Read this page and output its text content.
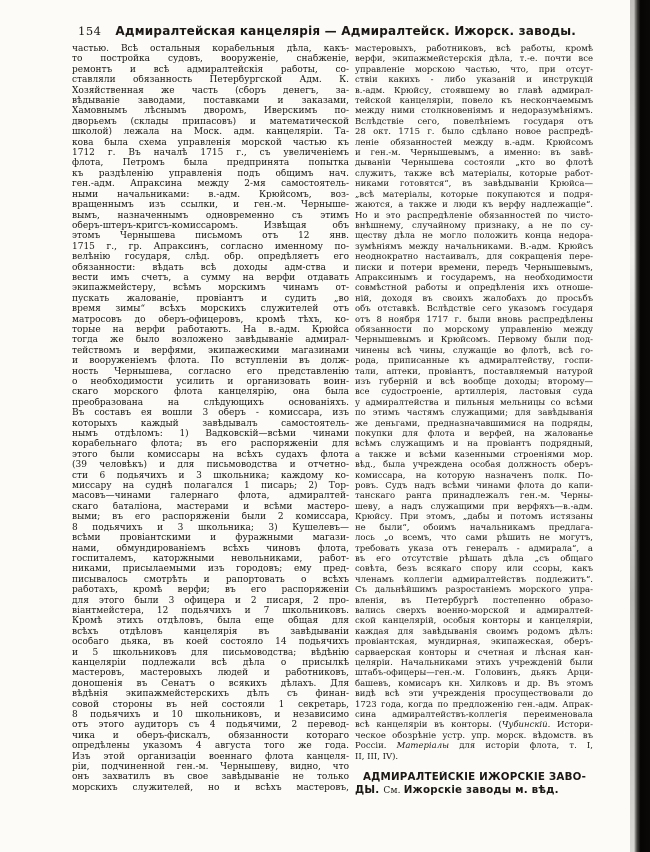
154	Адмиралтейская канцелярія — Адмиралтейск. Ижорск. заводы.
частью. Всѣ остальныя корабельныя дѣла, какъ-
то постройка судовъ, вооруженіе, снабженіе,
ремонтъ и всѣ адмиралтейскія работы, со-
ставляли обязанность Петербургской Адм. К.
Хозяйственная же часть (сборъ денегъ, за-
вѣдываніе заводами, поставками и заказами,
Хамовнымъ лѣснымъ дворомъ, Иверскимъ по-
дворьемъ (склады припасовъ) и математической
школой) лежала на Моск. адм. канцеляріи. Та-
кова была схема управленія морской частью къ
1712 г. Въ началѣ 1715 г., съ увеличеніемъ
флота, Петромъ была предпринята попытка
къ раздѣленію управленія подъ общимъ нач.
ген.-адм. Апраксина между 2-мя самостоятель-
ными начальниками: в.-адм. Крюйсомъ, воз-
вращеннымъ изъ ссылки, и ген.-м. Черныше-
вымъ, назначеннымъ одновременно съ этимъ
оберъ-штеръ-кригсъ-комиссаромъ. Извѣщая объ
этомъ Чернышева письмомъ отъ 12 янв.
1715 г., гр. Апраксинъ, согласно именному по-
велѣнію государя, слѣд. обр. опредѣляетъ его
обязанности: вѣдать всѣ доходы адм-ства и
вести имъ счетъ, а сумму на верфи отдавать
экипажмейстеру, всѣмъ морскимъ чинамъ от-
пускать жалованіе, провіантъ и судить „во
время зимы“ всѣхъ морскихъ служителей отъ
матросовъ до оберъ-офицеровъ, кромѣ тѣхъ, ко-
торые на верфи работаютъ. На в.-адм. Крюйса
тогда же было возложено завѣдываніе адмирал-
тействомъ и верфями, экипажескими магазинами
и вооруженіемъ флота. По вступленіи въ долж-
ность Чернышева, согласно его представленію
о необходимости усилить и организовать воин-
скаго морского флота канцелярію, она была
преобразована на слѣдующихъ основаніяхъ.
Въ составъ ея вошли 3 оберъ - комиссара, изъ
которыхъ каждый завѣдывалъ самостоятель-
нымъ отдѣломъ: 1) Вадковскій—всѣми чинами
корабельнаго флота; въ его распоряженіи для
этого были комиссары на всѣхъ судахъ флота
(39 человѣкъ) и для письмоводства и отчетно-
сти 6 подьячихъ и 3 школьника; каждому ко-
миссару на суднѣ полагался 1 писарь; 2) Тор-
масовъ—чинами галернаго флота, адмиралтей-
скаго баталіона, мастерами и всѣми мастеро-
выми; въ его распоряженіи были 2 комиссара,
8 подьячихъ и 3 школьника; 3) Кушелевъ—
всѣми провіантскими и фуражными магази-
нами, обмундированіемъ всѣхъ чиновъ флота,
госпиталемъ, каторжными невольниками, работ-
никами, присылаемыми изъ городовъ; ему пред-
писывалось смотрѣть и рапортовать о всѣхъ
работахъ, кромѣ верфи; въ его распоряженіи
для этого были 3 офицера и 2 писаря, 2 про-
віантмейстера, 12 подьячихъ и 7 школьниковъ.
Кромѣ этихъ отдѣловъ, была еще общая для
всѣхъ отдѣловъ канцелярія въ завѣдываніи
особаго дьяка, въ коей состояло 14 подьячихъ
и 5 школьниковъ для письмоводства; вѣдѣнію
канцеляріи подлежали всѣ дѣла о присылкѣ
мастеровъ, мастеровыхъ людей и работниковъ,
доношенія въ Сенатъ о всякихъ дѣлахъ. Для
вѣдѣнія экипажмейстерскихъ дѣлъ съ финан-
совой стороны въ ней состояли 1 секретарь,
8 подьячихъ и 10 школьниковъ, и независимо
отъ этого аудиторъ съ 4 подьячими, 2 перевод-
чика и оберъ-фискалъ, обязанности котораго
опредѣлены указомъ 4 августа того же года.
Изъ этой организаціи военнаго флота канцеля-
ріи, подчиненной ген.-м. Чернышеву, видно, что
онъ захватилъ въ свое завѣдываніе не только
морскихъ служителей, но и всѣхъ мастеровъ,
мастеровыхъ, работниковъ, всѣ работы, кромѣ
верфи, экипажмейстерскія дѣла, т.-е. почти все
управленіе морскою частью, что, при отсут-
ствіи какихъ - либо указаній и инструкцій
в.-адм. Крюйсу, стоявшему во главѣ адмирал-
тейской канцеляріи, повело къ нескончаемымъ
между ними столкновеніямъ и недоразумѣніямъ.
Вслѣдствіе сего, повелѣніемъ государя отъ
28 окт. 1715 г. было сдѣлано новое распредѣ-
леніе обязанностей между в.-адм. Крюйсомъ
и ген.-м. Чернышевымъ, а именно: въ завѣ-
дываніи Чернышева состояли „кто во флотѣ
служитъ, также всѣ матеріалы, которые работ-
никами готовятся“, въ завѣдываніи Крюйса—
„всѣ матеріалы, которые покупаются и подря-
жаются, а также и люди къ верфу надлежащіе“.
Но и это распредѣленіе обязанностей по чисто-
внѣшнему, случайному признаку, а не по су-
ществу дѣла не могло положить конца недора-
зумѣніямъ между начальниками. В.-адм. Крюйсъ
неоднократно настаивалъ, для сокращенія пере-
писки и потери времени, передъ Чернышевымъ,
Апраксинымъ и государемъ, на необходимости
совмѣстной работы и опредѣленія ихъ отноше-
ній, доходя въ своихъ жалобахъ до просьбъ
объ отставкѣ. Вслѣдствіе сего указомъ государя
отъ 8 ноября 1717 г. были вновь распредѣлены
обязанности по морскому управленію между
Чернышевымъ и Крюйсомъ. Первому были под-
чинены всѣ чины, служащіе во флотѣ, всѣ го-
рода, приписанные къ адмиралтейству, госпи-
тали, аптеки, провіантъ, поставляемый натурой
изъ губерній и всѣ вообще доходы; второму—
все судостроеніе, артиллерія, ластовыя суда
у адмиралтейства и пильныя мельницы со всѣми
по этимъ частямъ служащими; для завѣдыванія
же деньгами, предназначавшимися на подряды,
покупки для флота и верфей, на жалованье
всѣмъ служащимъ и на провіантъ подрядный,
а также и всѣми казенными строеніями мор.
вѣд., была учреждена особая должность оберъ-
комиссара, на которую назначенъ полк. По-
ровъ. Судъ надъ всѣми чинами флота до капи-
танскаго ранга принадлежалъ ген.-м. Черны-
шеву, а надъ служащими при верфяхъ—в.-адм.
Крюйсу. При этомъ, „дабы и потомъ истязаны
не были“, обоимъ начальникамъ предлага-
лось „о всемъ, что сами рѣшить не могутъ,
требовать указа отъ генералъ - адмирала“, а
въ его отсутствіе рѣшать дѣла „съ общаго
совѣта, безъ всякаго спору или ссоры, какъ
членамъ коллегіи адмиралтействъ подлежитъ“.
Съ дальнѣйшимъ разростаніемъ морского упра-
вленія, въ Петербургѣ постепенно образо-
вались сверхъ военно-морской и адмиралтей-
ской канцелярій, особыя конторы и канцеляріи,
каждая для завѣдыванія своимъ родомъ дѣлъ:
провіантская, мундирная, экипажеская, оберъ-
сарваерская конторы и счетная и лѣсная кан-
целяріи. Начальниками этихъ учрежденій были
штабъ-офицеры—ген.-м. Головинъ, дьякъ Арци-
башевъ, комисаръ кн. Хилковъ и др. Въ этомъ
видѣ всѣ эти учрежденія просуществовали до
1723 года, когда по предложенію ген.-адм. Апрак-
сина адмиралтействъ-коллегія переименовала
всѣ канцеляріи въ конторы. (Чубинскій. Истори-
ческое обозрѣніе устр. упр. морск. вѣдомств. въ
Россіи. Матеріалы для исторіи флота, т. I,
II, III, IV).
АДМИРАЛТЕЙСКІЕ ИЖОРСКІЕ ЗАВО-
ДЫ. См. Ижорскіе заводы м. вѣд.
